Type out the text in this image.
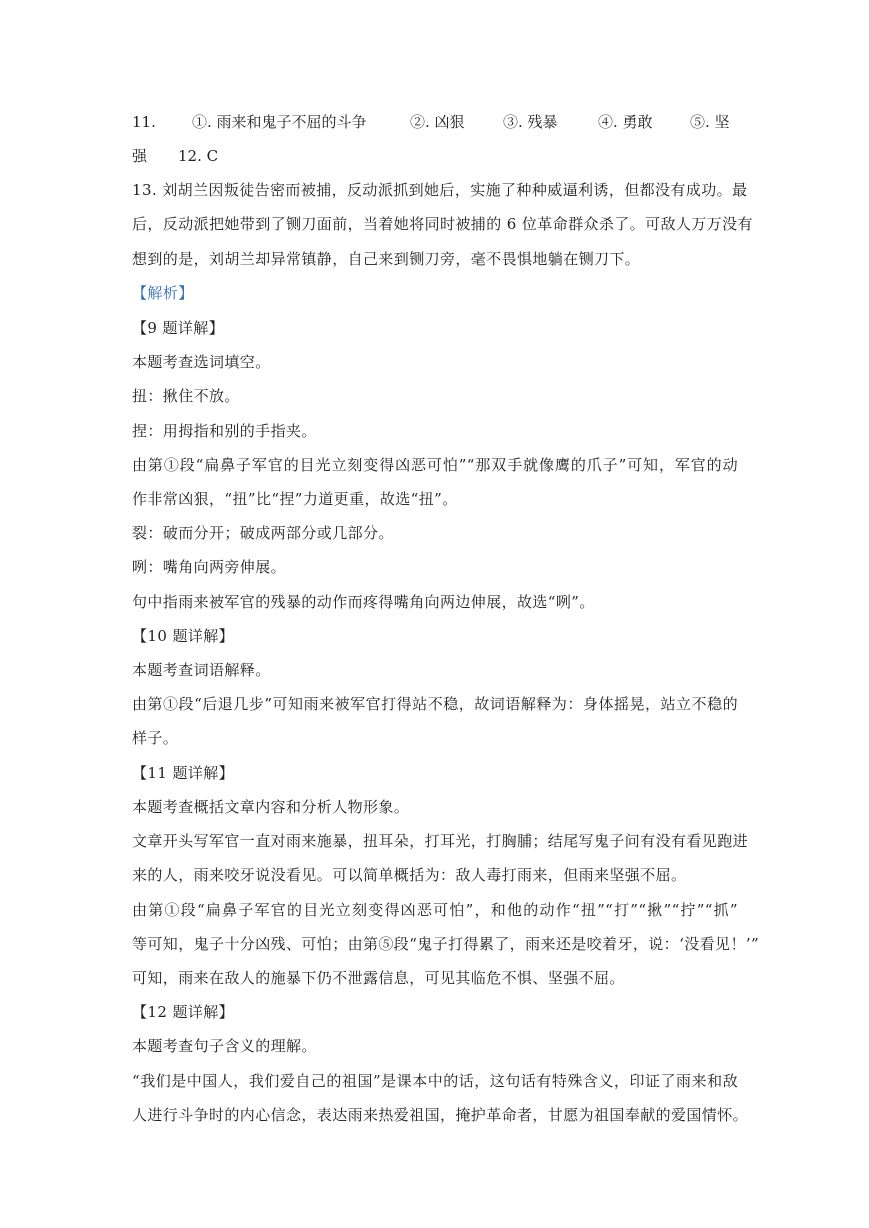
11. ①. 雨来和鬼子不屈的斗争	②. 凶狠	③. 残暴	④. 勇敢 ⑤. 坚
强 12. C
13. 刘胡兰因叛徒告密而被捕，反动派抓到她后，实施了种种威逼利诱，但都没有成功。最
后，反动派把她带到了铡刀面前，当着她将同时被捕的 6 位革命群众杀了。可敌人万万没有
想到的是，刘胡兰却异常镇静，自己来到铡刀旁，毫不畏惧地躺在铡刀下。
【解析】
【9 题详解】
本题考查选词填空。
扭：揪住不放。
捏：用拇指和别的手指夹。
由第①段“扁鼻子军官的目光立刻变得凶恶可怕”“那双手就像鹰的爪子”可知，军官的动
作非常凶狠，“扭”比“捏”力道更重，故选“扭”。
裂：破而分开；破成两部分或几部分。
咧：嘴角向两旁伸展。
句中指雨来被军官的残暴的动作而疼得嘴角向两边伸展，故选“咧”。
【10 题详解】
本题考查词语解释。
由第①段“后退几步”可知雨来被军官打得站不稳，故词语解释为：身体摇晃，站立不稳的
样子。
【11 题详解】
本题考查概括文章内容和分析人物形象。
文章开头写军官一直对雨来施暴，扭耳朵，打耳光，打胸脯；结尾写鬼子问有没有看见跑进
来的人，雨来咬牙说没看见。可以简单概括为：敌人毒打雨来，但雨来坚强不屈。
由第①段“扁鼻子军官的目光立刻变得凶恶可怕”，和他的动作“扭”“打”“揪”“拧”“抓”
等可知，鬼子十分凶残、可怕；由第⑤段“鬼子打得累了，雨来还是咬着牙，说：‘没看见！’”
可知，雨来在敌人的施暴下仍不泄露信息，可见其临危不惧、坚强不屈。
【12 题详解】
本题考查句子含义的理解。
“我们是中国人，我们爱自己的祖国”是课本中的话，这句话有特殊含义，印证了雨来和敌
人进行斗争时的内心信念，表达雨来热爱祖国，掩护革命者，甘愿为祖国奉献的爱国情怀。
